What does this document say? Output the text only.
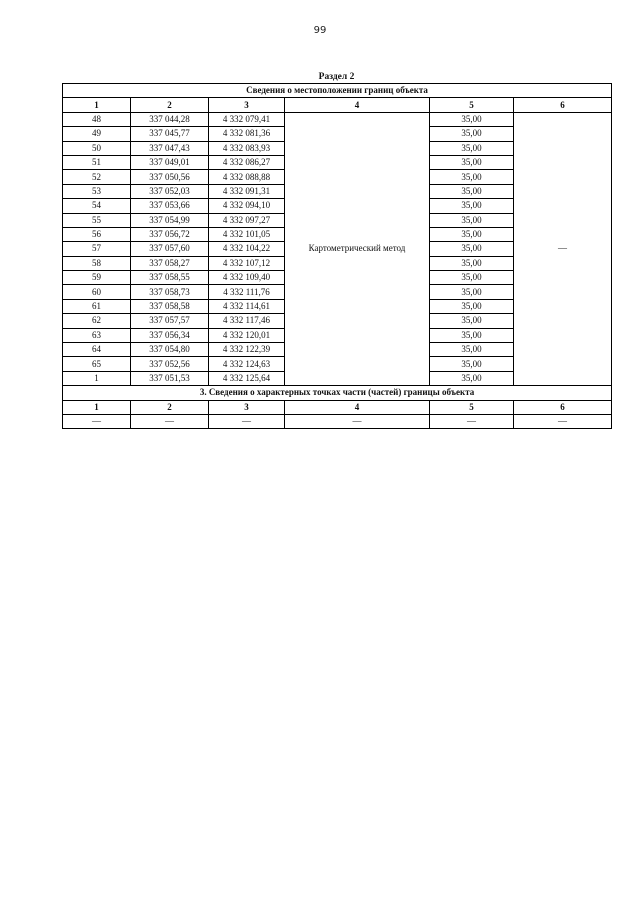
99
Раздел 2
Сведения о местоположении границ объекта					
1	2	3	4	5	6
48	337 044,28	4 332 079,41	Картометрический метод	35,00	—
49	337 045,77	4 332 081,36		35,00	
50	337 047,43	4 332 083,93		35,00	
51	337 049,01	4 332 086,27		35,00	
52	337 050,56	4 332 088,88		35,00	
53	337 052,03	4 332 091,31		35,00	
54	337 053,66	4 332 094,10		35,00	
55	337 054,99	4 332 097,27		35,00	
56	337 056,72	4 332 101,05		35,00	
57	337 057,60	4 332 104,22		35,00	
58	337 058,27	4 332 107,12		35,00	
59	337 058,55	4 332 109,40		35,00	
60	337 058,73	4 332 111,76		35,00	
61	337 058,58	4 332 114,61		35,00	
62	337 057,57	4 332 117,46		35,00	
63	337 056,34	4 332 120,01		35,00	
64	337 054,80	4 332 122,39		35,00	
65	337 052,56	4 332 124,63		35,00	
1	337 051,53	4 332 125,64		35,00	
3. Сведения о характерных точках части (частей) границы объекта					
1	2	3	4	5	6
—	—	—	—	—	—
